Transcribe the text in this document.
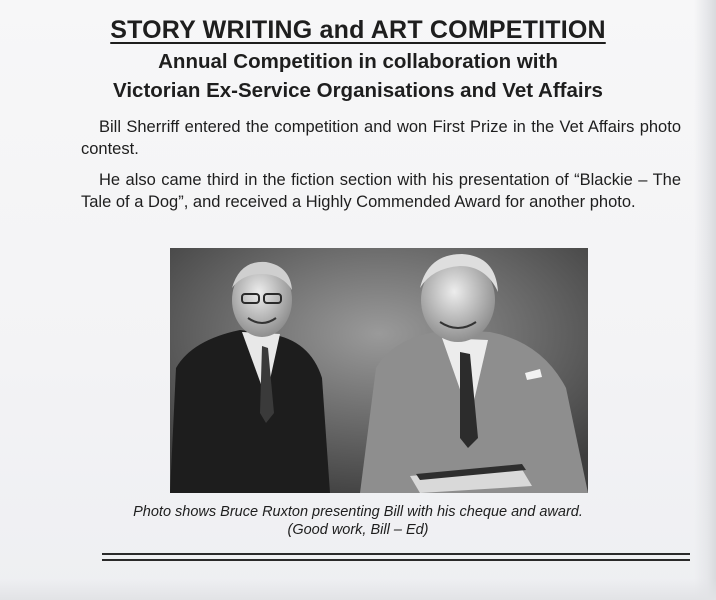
STORY WRITING and ART COMPETITION
Annual Competition in collaboration with
Victorian Ex-Service Organisations and Vet Affairs
Bill Sherriff entered the competition and won First Prize in the Vet Affairs photo contest.
He also came third in the fiction section with his presentation of “Blackie – The Tale of a Dog”, and received a Highly Commended Award for another photo.
Photo shows Bruce Ruxton presenting Bill with his cheque and award.
(Good work, Bill – Ed)
